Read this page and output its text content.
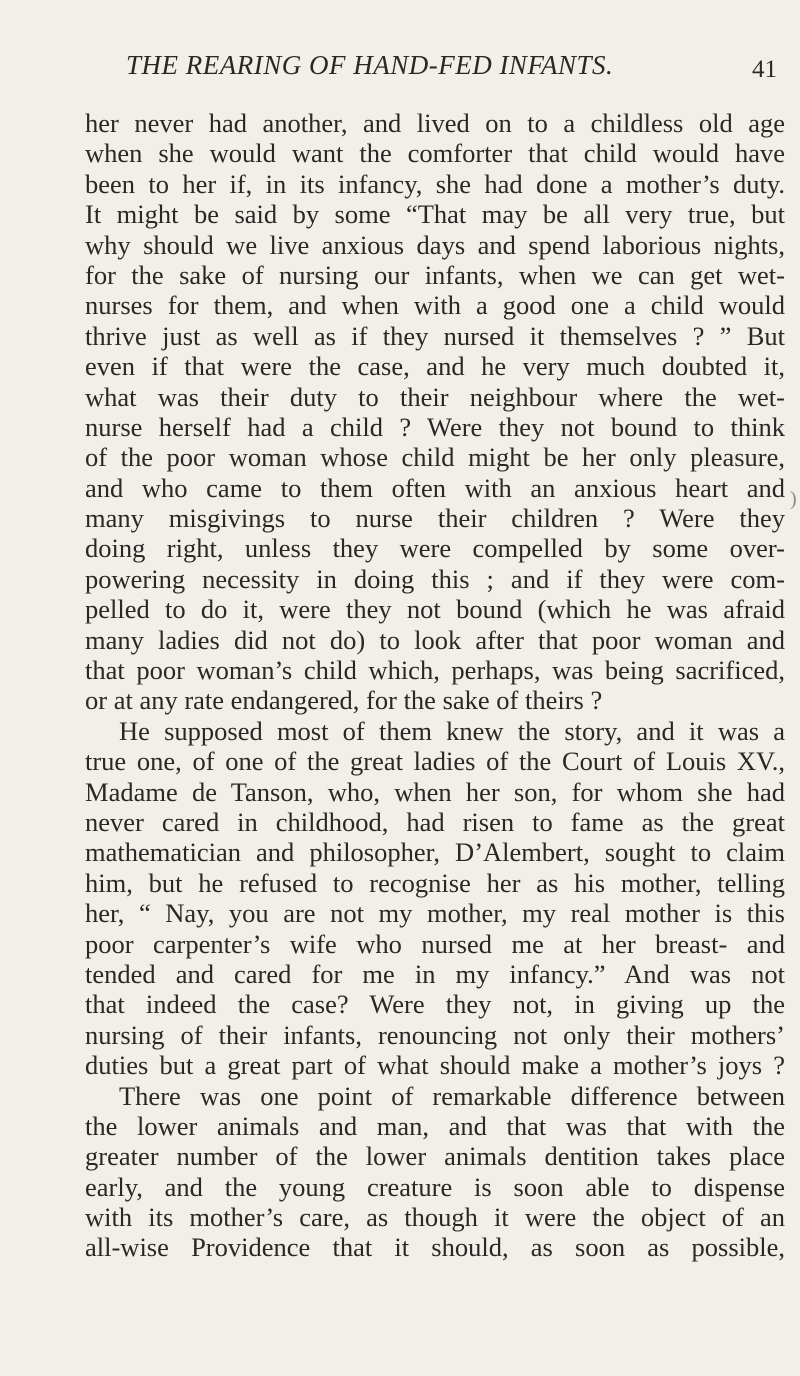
THE REARING OF HAND-FED INFANTS.	41
)
her never had another, and lived on to a childless old age
when she would want the comforter that child would have
been to her if, in its infancy, she had done a mother’s duty.
It might be said by some “That may be all very true, but
why should we live anxious days and spend laborious nights,
for the sake of nursing our infants, when we can get wet-
nurses for them, and when with a good one a child would
thrive just as well as if they nursed it themselves ? ” But
even if that were the case, and he very much doubted it,
what was their duty to their neighbour where the wet-
nurse herself had a child ? Were they not bound to think
of the poor woman whose child might be her only pleasure,
and who came to them often with an anxious heart and
many misgivings to nurse their children ? Were they
doing right, unless they were compelled by some over-
powering necessity in doing this ; and if they were com-
pelled to do it, were they not bound (which he was afraid
many ladies did not do) to look after that poor woman and
that poor woman’s child which, perhaps, was being sacrificed,
or at any rate endangered, for the sake of theirs ?
He supposed most of them knew the story, and it was a
true one, of one of the great ladies of the Court of Louis XV.,
Madame de Tanson, who, when her son, for whom she had
never cared in childhood, had risen to fame as the great
mathematician and philosopher, D’Alembert, sought to claim
him, but he refused to recognise her as his mother, telling
her, “ Nay, you are not my mother, my real mother is this
poor carpenter’s wife who nursed me at her breast- and
tended and cared for me in my infancy.” And was not
that indeed the case? Were they not, in giving up the
nursing of their infants, renouncing not only their mothers’
duties but a great part of what should make a mother’s joys ?
There was one point of remarkable difference between
the lower animals and man, and that was that with the
greater number of the lower animals dentition takes place
early, and the young creature is soon able to dispense
with its mother’s care, as though it were the object of an
all-wise Providence that it should, as soon as possible,
